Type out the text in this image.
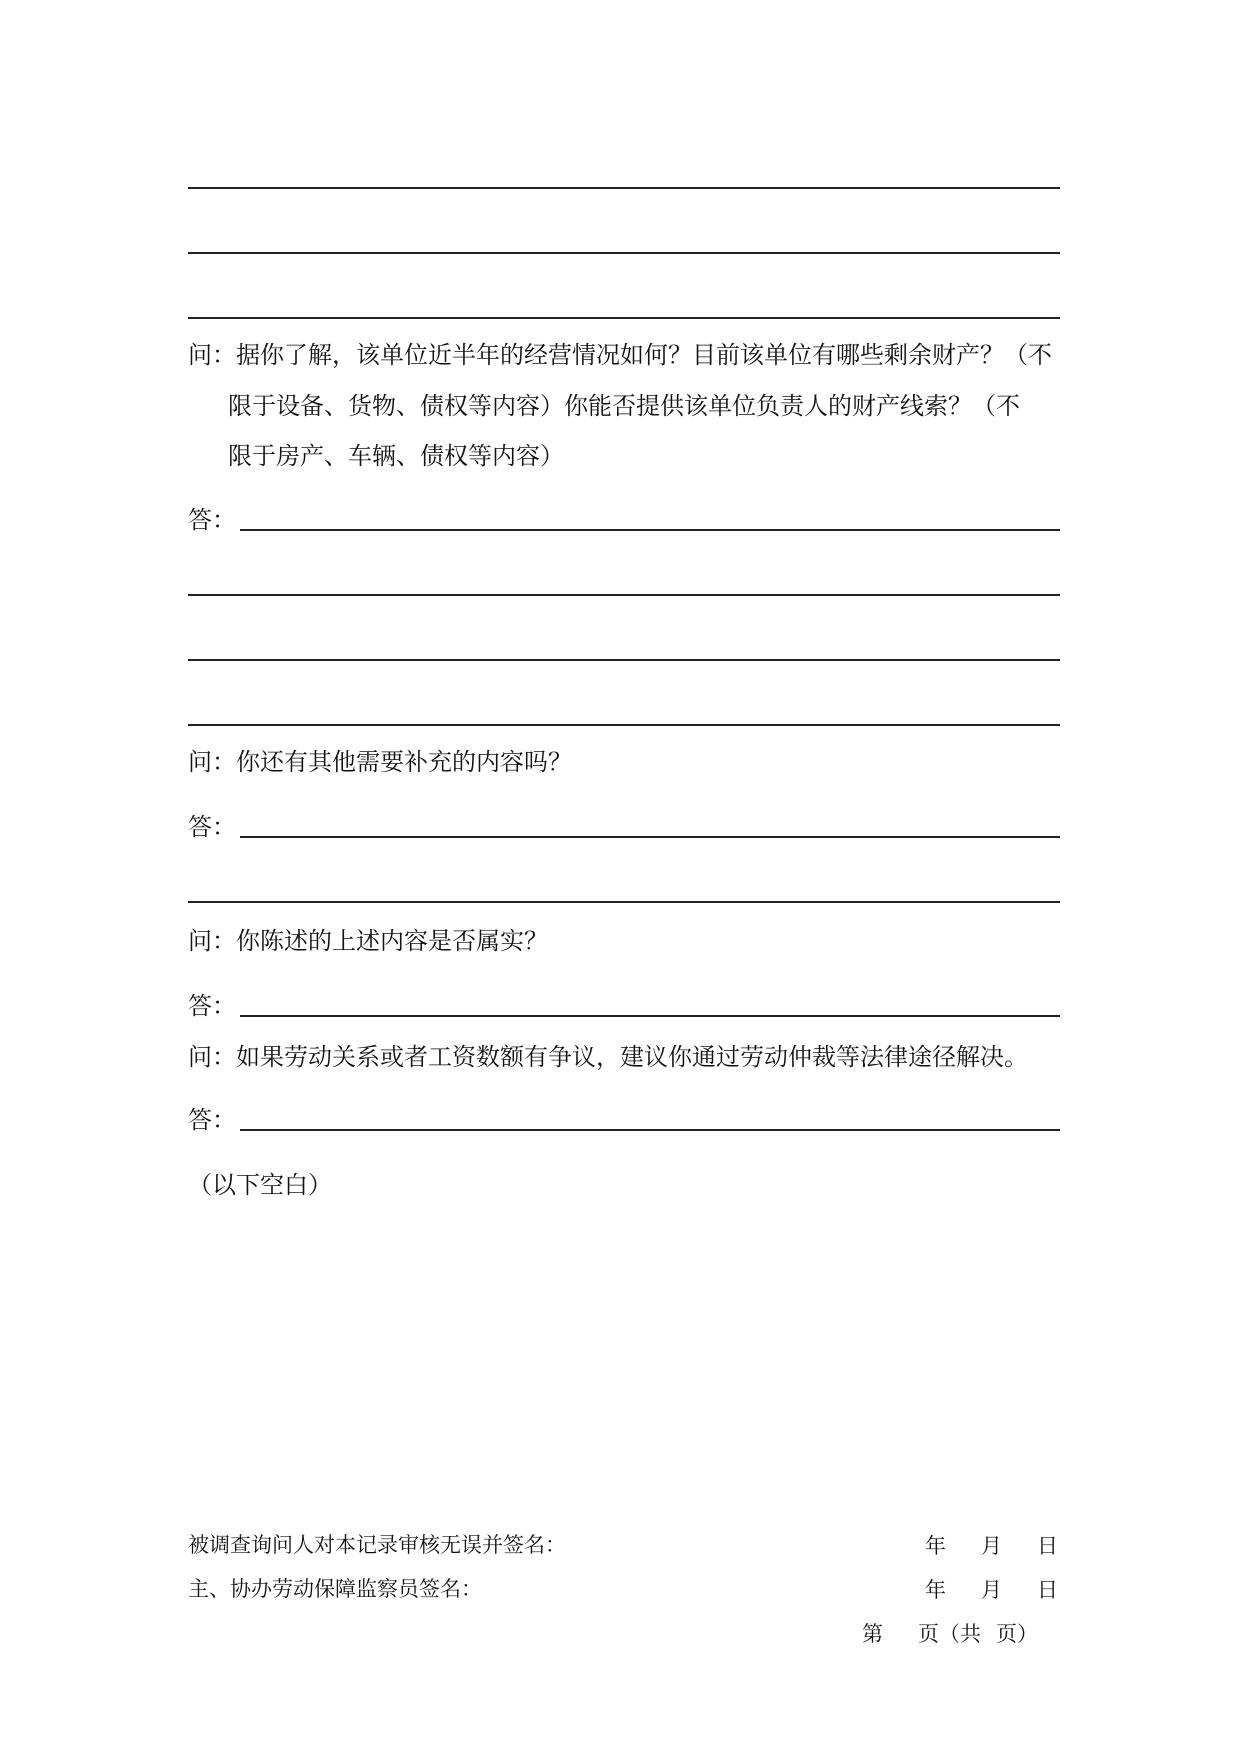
问：据你了解，该单位近半年的经营情况如何？目前该单位有哪些剩余财产？（不
限于设备、货物、债权等内容）你能否提供该单位负责人的财产线索？（不
限于房产、车辆、债权等内容）
答：
问：你还有其他需要补充的内容吗？
答：
问：你陈述的上述内容是否属实？
答：
问：如果劳动关系或者工资数额有争议，建议你通过劳动仲裁等法律途径解决。
答：
（以下空白）
被调查询问人对本记录审核无误并签名：	年	月	日
主、协办劳动保障监察员签名：	年	月	日
第	页（共 页）
